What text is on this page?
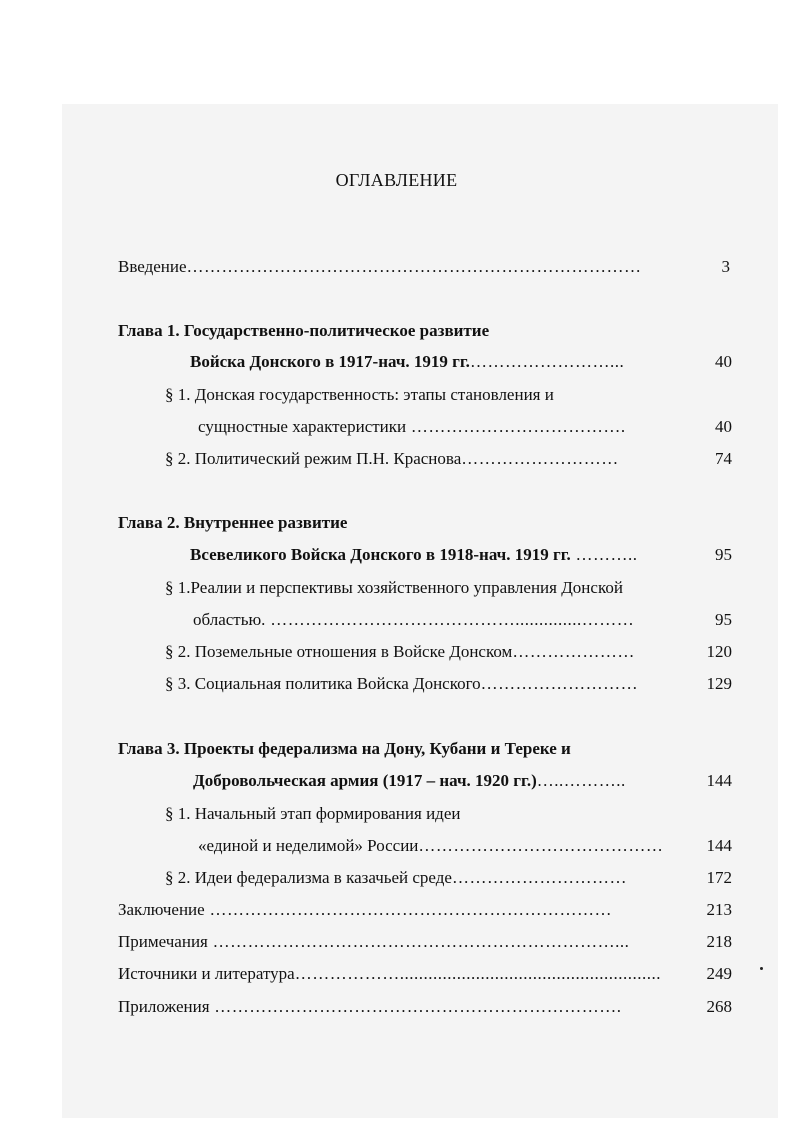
ОГЛАВЛЕНИЕ
Введение……………………………………………………………………	3
Глава 1. Государственно-политическое развитие
Войска Донского в 1917-нач. 1919 гг.……………………...	40
§ 1. Донская государственность: этапы становления и
сущностные характеристики ……………………………….	40
§ 2. Политический режим П.Н. Краснова………………………	74
Глава 2. Внутреннее развитие
Всевеликого Войска Донского в 1918-нач. 1919 гг. ………..	95
§ 1.Реалии и перспективы хозяйственного управления Донской
областью. ……………………………………..............………	95
§ 2. Поземельные отношения в Войске Донском…………………	120
§ 3. Социальная политика Войска Донского………………………	129
Глава 3. Проекты федерализма на Дону, Кубани и Тереке и
Добровольческая армия (1917 – нач. 1920 гг.)…..………..	144
§ 1. Начальный этап формирования идеи
«единой и неделимой» России……………………………………	144
§ 2. Идеи федерализма в казачьей среде…………………………	172
Заключение ……………………………………………………………	213
Примечания ……………………………………………………………...	218
Источники и литература……………….......................................................	249
Приложения …………………………………………………………….	268
